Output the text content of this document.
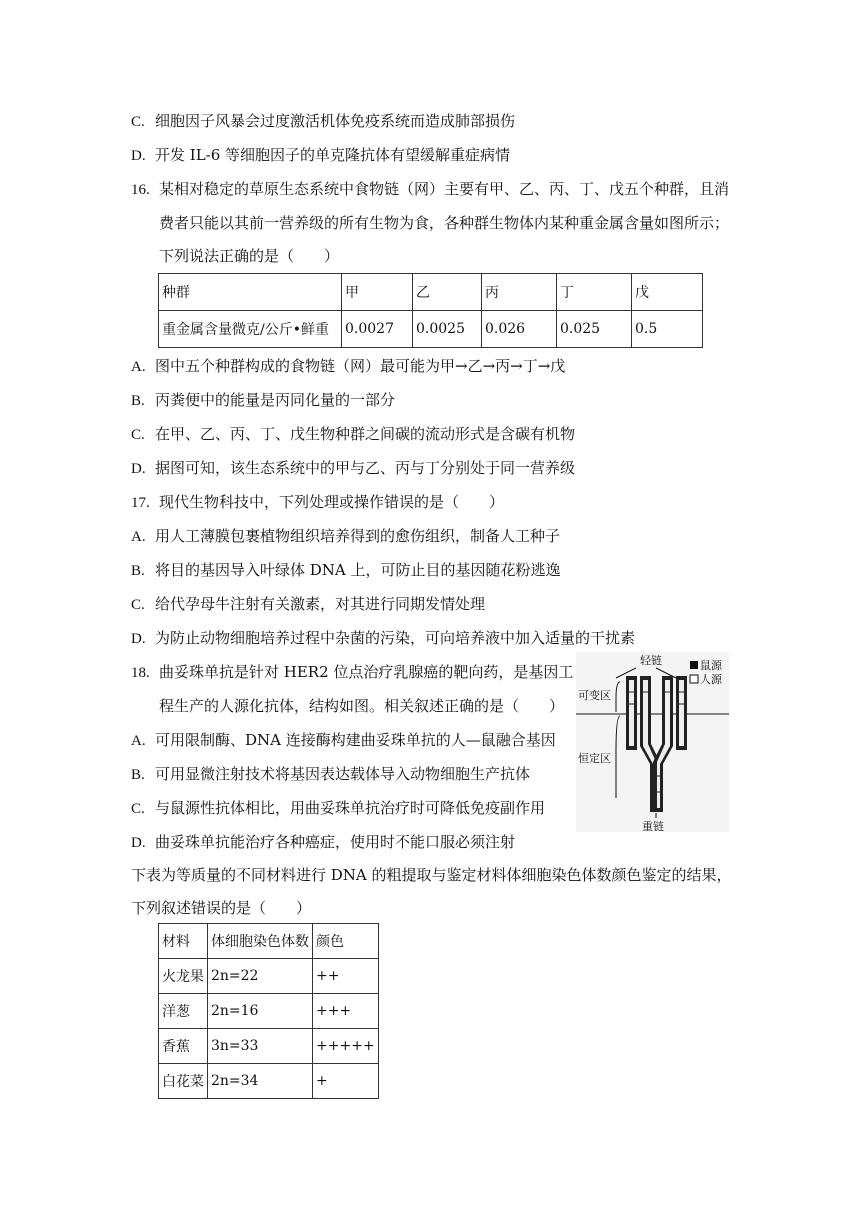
C. 细胞因子风暴会过度激活机体免疫系统而造成肺部损伤
D. 开发 IL-6 等细胞因子的单克隆抗体有望缓解重症病情
16. 某相对稳定的草原生态系统中食物链（网）主要有甲、乙、丙、丁、戊五个种群，且消
费者只能以其前一营养级的所有生物为食，各种群生物体内某种重金属含量如图所示；
下列说法正确的是（　　）
种群	甲	乙	丙	丁	戊
重金属含量微克/公斤•鲜重	0.0027	0.0025	0.026	0.025	0.5
A. 图中五个种群构成的食物链（网）最可能为甲→乙→丙→丁→戊
B. 丙粪便中的能量是丙同化量的一部分
C. 在甲、乙、丙、丁、戊生物种群之间碳的流动形式是含碳有机物
D. 据图可知，该生态系统中的甲与乙、丙与丁分别处于同一营养级
17. 现代生物科技中，下列处理或操作错误的是（　　）
A. 用人工薄膜包裹植物组织培养得到的愈伤组织，制备人工种子
B. 将目的基因导入叶绿体 DNA 上，可防止目的基因随花粉逃逸
C. 给代孕母牛注射有关激素，对其进行同期发情处理
D. 为防止动物细胞培养过程中杂菌的污染，可向培养液中加入适量的干扰素
18. 曲妥珠单抗是针对 HER2 位点治疗乳腺癌的靶向药，是基因工
程生产的人源化抗体，结构如图。相关叙述正确的是（　　）
A. 可用限制酶、DNA 连接酶构建曲妥珠单抗的人—鼠融合基因
B. 可用显微注射技术将基因表达载体导入动物细胞生产抗体
C. 与鼠源性抗体相比，用曲妥珠单抗治疗时可降低免疫副作用
D. 曲妥珠单抗能治疗各种癌症，使用时不能口服必须注射
鼠源
人源
轻链
可变区
恒定区
重链
下表为等质量的不同材料进行 DNA 的粗提取与鉴定材料体细胞染色体数颜色鉴定的结果，
下列叙述错误的是（　　）
材料	体细胞染色体数	颜色
火龙果	2n=22	++
洋葱	2n=16	+++
香蕉	3n=33	+++++
白花菜	2n=34	+
